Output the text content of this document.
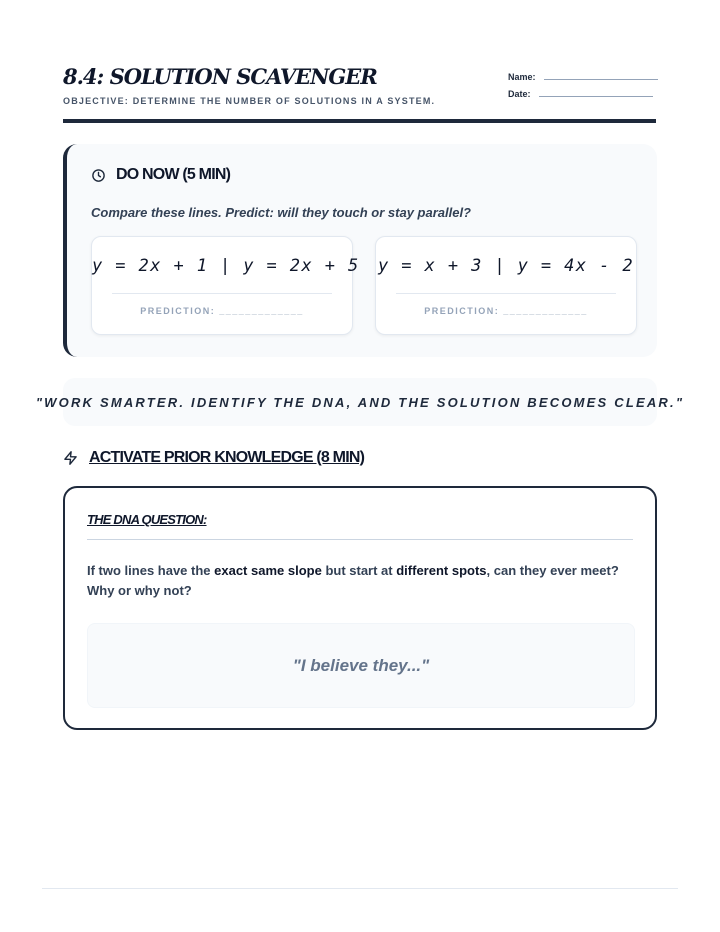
8.4: SOLUTION SCAVENGER
OBJECTIVE: DETERMINE THE NUMBER OF SOLUTIONS IN A SYSTEM.
Name:
Date:
DO NOW (5 MIN)
Compare these lines. Predict: will they touch or stay parallel?
y = 2x + 1 | y = 2x + 5
PREDICTION: _____________
y = x + 3 | y = 4x - 2
PREDICTION: _____________
"WORK SMARTER. IDENTIFY THE DNA, AND THE SOLUTION BECOMES CLEAR."
ACTIVATE PRIOR KNOWLEDGE (8 MIN)
THE DNA QUESTION:
If two lines have the exact same slope but start at different spots, can they ever meet? Why or why not?
"I believe they..."
